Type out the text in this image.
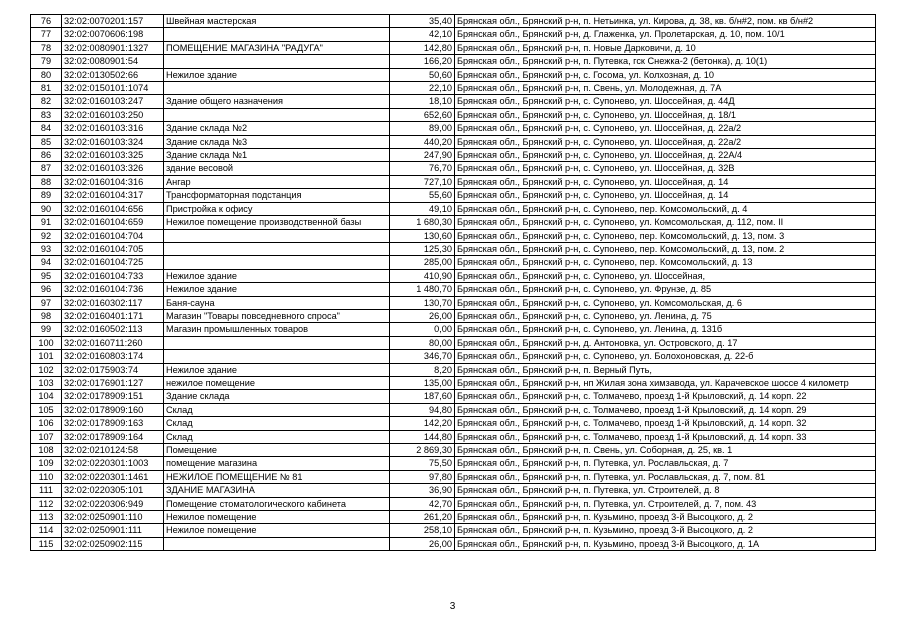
76	32:02:0070201:157	Швейная мастерская	35,40	Брянская обл., Брянский р-н, п. Нетьинка, ул. Кирова, д. 38, кв. б/н#2, пом. кв б/н#2
77	32:02:0070606:198		42,10	Брянская обл., Брянский р-н, д. Глаженка, ул. Пролетарская, д. 10, пом. 10/1
78	32:02:0080901:1327	ПОМЕЩЕНИЕ МАГАЗИНА "РАДУГА"	142,80	Брянская обл., Брянский р-н, п. Новые Дарковичи, д. 10
79	32:02:0080901:54		166,20	Брянская обл., Брянский р-н, п. Путевка, гск Снежка-2 (бетонка), д. 10(1)
80	32:02:0130502:66	Нежилое здание	50,60	Брянская обл., Брянский р-н, с. Госома, ул. Колхозная, д. 10
81	32:02:0150101:1074		22,10	Брянская обл., Брянский р-н, п. Свень, ул. Молодежная, д. 7А
82	32:02:0160103:247	Здание общего назначения	18,10	Брянская обл., Брянский р-н, с. Супонево, ул. Шоссейная, д. 44Д
83	32:02:0160103:250		652,60	Брянская обл., Брянский р-н, с. Супонево, ул. Шоссейная, д. 18/1
84	32:02:0160103:316	Здание склада №2	89,00	Брянская обл., Брянский р-н, с. Супонево, ул. Шоссейная, д. 22а/2
85	32:02:0160103:324	Здание склада №3	440,20	Брянская обл., Брянский р-н, с. Супонево, ул. Шоссейная, д. 22а/2
86	32:02:0160103:325	Здание склада №1	247,90	Брянская обл., Брянский р-н, с. Супонево, ул. Шоссейная, д. 22А/4
87	32:02:0160103:326	здание весовой	76,70	Брянская обл., Брянский р-н, с. Супонево, ул. Шоссейная, д. 32В
88	32:02:0160104:316	Ангар	727,10	Брянская обл., Брянский р-н, с. Супонево, ул. Шоссейная, д. 14
89	32:02:0160104:317	Трансформаторная подстанция	55,60	Брянская обл., Брянский р-н, с. Супонево, ул. Шоссейная, д. 14
90	32:02:0160104:656	Пристройка к офису	49,10	Брянская обл., Брянский р-н, с. Супонево, пер. Комсомольский, д. 4
91	32:02:0160104:659	Нежилое помещение производственной базы	1 680,30	Брянская обл., Брянский р-н, с. Супонево, ул. Комсомольская, д. 112, пом. II
92	32:02:0160104:704		130,60	Брянская обл., Брянский р-н, с. Супонево, пер. Комсомольский, д. 13, пом. 3
93	32:02:0160104:705		125,30	Брянская обл., Брянский р-н, с. Супонево, пер. Комсомольский, д. 13, пом. 2
94	32:02:0160104:725		285,00	Брянская обл., Брянский р-н, с. Супонево, пер. Комсомольский, д. 13
95	32:02:0160104:733	Нежилое здание	410,90	Брянская обл., Брянский р-н, с. Супонево, ул. Шоссейная,
96	32:02:0160104:736	Нежилое здание	1 480,70	Брянская обл., Брянский р-н, с. Супонево, ул. Фрунзе, д. 85
97	32:02:0160302:117	Баня-сауна	130,70	Брянская обл., Брянский р-н, с. Супонево, ул. Комсомольская, д. 6
98	32:02:0160401:171	Магазин "Товары повседневного спроса"	26,00	Брянская обл., Брянский р-н, с. Супонево, ул. Ленина, д. 75
99	32:02:0160502:113	Магазин промышленных товаров	0,00	Брянская обл., Брянский р-н, с. Супонево, ул. Ленина, д. 131б
100	32:02:0160711:260		80,00	Брянская обл., Брянский р-н, д. Антоновка, ул. Островского, д. 17
101	32:02:0160803:174		346,70	Брянская обл., Брянский р-н, с. Супонево, ул. Болохоновская, д. 22-б
102	32:02:0175903:74	Нежилое здание	8,20	Брянская обл., Брянский р-н, п. Верный Путь,
103	32:02:0176901:127	нежилое помещение	135,00	Брянская обл., Брянский р-н, нп Жилая зона химзавода, ул. Карачевское шоссе 4 километр
104	32:02:0178909:151	Здание склада	187,60	Брянская обл., Брянский р-н, с. Толмачево, проезд 1-й Крыловский, д. 14 корп. 22
105	32:02:0178909:160	Склад	94,80	Брянская обл., Брянский р-н, с. Толмачево, проезд 1-й Крыловский, д. 14 корп. 29
106	32:02:0178909:163	Склад	142,20	Брянская обл., Брянский р-н, с. Толмачево, проезд 1-й Крыловский, д. 14 корп. 32
107	32:02:0178909:164	Склад	144,80	Брянская обл., Брянский р-н, с. Толмачево, проезд 1-й Крыловский, д. 14 корп. 33
108	32:02:0210124:58	Помещение	2 869,30	Брянская обл., Брянский р-н, п. Свень, ул. Соборная, д. 25, кв. 1
109	32:02:0220301:1003	помещение магазина	75,50	Брянская обл., Брянский р-н, п. Путевка, ул. Рославльская, д. 7
110	32:02:0220301:1461	НЕЖИЛОЕ ПОМЕЩЕНИЕ № 81	97,80	Брянская обл., Брянский р-н, п. Путевка, ул. Рославльская, д. 7, пом. 81
111	32:02:0220305:101	ЗДАНИЕ МАГАЗИНА	36,90	Брянская обл., Брянский р-н, п. Путевка, ул. Строителей, д. 8
112	32:02:0220306:949	Помещение стоматологического кабинета	42,70	Брянская обл., Брянский р-н, п. Путевка, ул. Строителей, д. 7, пом. 43
113	32:02:0250901:110	Нежилое помещение	261,20	Брянская обл., Брянский р-н, п. Кузьмино, проезд 3-й Высоцкого, д. 2
114	32:02:0250901:111	Нежилое помещение	258,10	Брянская обл., Брянский р-н, п. Кузьмино, проезд 3-й Высоцкого, д. 2
115	32:02:0250902:115		26,00	Брянская обл., Брянский р-н, п. Кузьмино, проезд 3-й Высоцкого, д. 1А
3
